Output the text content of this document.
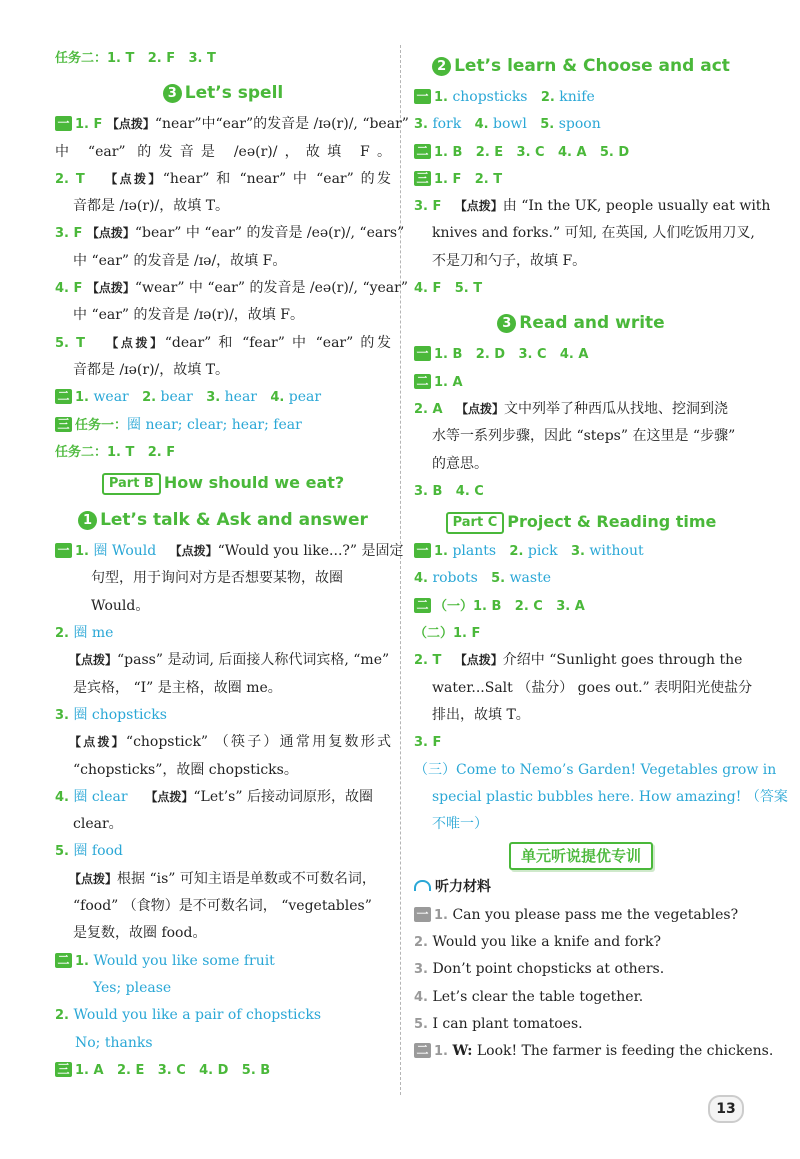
任务二：1. T 2. F 3. T
3 Let’s spell
一 1. F 【点拨】“near”中“ear”的发音是 /ɪə(r)/, “bear”
中 “ear” 的发音是 /eə(r)/，故填 F。
2. T 【点拨】“hear” 和 “near” 中 “ear” 的发
音都是 /ɪə(r)/，故填 T。
3. F 【点拨】“bear” 中 “ear” 的发音是 /eə(r)/, “ears”
中 “ear” 的发音是 /ɪə/，故填 F。
4. F 【点拨】“wear” 中 “ear” 的发音是 /eə(r)/, “year”
中 “ear” 的发音是 /ɪə(r)/，故填 F。
5. T 【点拨】“dear” 和 “fear” 中 “ear” 的发
音都是 /ɪə(r)/，故填 T。
二 1. wear 2. bear 3. hear 4. pear
三 任务一：圈 near; clear; hear; fear
任务二：1. T 2. F
Part B How should we eat?
1 Let’s talk & Ask and answer
一 1. 圈 Would 【点拨】“Would you like...?” 是固定
句型，用于询问对方是否想要某物，故圈
Would。
2. 圈 me
【点拨】“pass” 是动词, 后面接人称代词宾格, “me”
是宾格， “I” 是主格，故圈 me。
3. 圈 chopsticks
【点拨】“chopstick” （筷子）通常用复数形式
“chopsticks”，故圈 chopsticks。
4. 圈 clear 【点拨】“Let’s” 后接动词原形，故圈
clear。
5. 圈 food
【点拨】根据 “is” 可知主语是单数或不可数名词，
“food” （食物）是不可数名词， “vegetables”
是复数，故圈 food。
二 1. Would you like some fruit
Yes; please
2. Would you like a pair of chopsticks
No; thanks
三 1. A 2. E 3. C 4. D 5. B
2 Let’s learn & Choose and act
一 1. chopsticks 2. knife
3. fork 4. bowl 5. spoon
二 1. B 2. E 3. C 4. A 5. D
三 1. F 2. T
3. F 【点拨】由 “In the UK, people usually eat with
knives and forks.” 可知, 在英国, 人们吃饭用刀叉,
不是刀和勺子，故填 F。
4. F 5. T
3 Read and write
一 1. B 2. D 3. C 4. A
二 1. A
2. A 【点拨】文中列举了种西瓜从找地、挖洞到浇
水等一系列步骤，因此 “steps” 在这里是 “步骤”
的意思。
3. B 4. C
Part C Project & Reading time
一 1. plants 2. pick 3. without
4. robots 5. waste
二 （一）1. B 2. C 3. A
（二）1. F
2. T 【点拨】介绍中 “Sunlight goes through the
water...Salt （盐分） goes out.” 表明阳光使盐分
排出，故填 T。
3. F
（三）Come to Nemo’s Garden! Vegetables grow in
special plastic bubbles here. How amazing! （答案
不唯一）
单元听说提优专训
听力材料
一 1. Can you please pass me the vegetables?
2. Would you like a knife and fork?
3. Don’t point chopsticks at others.
4. Let’s clear the table together.
5. I can plant tomatoes.
二 1. W: Look! The farmer is feeding the chickens.
13
